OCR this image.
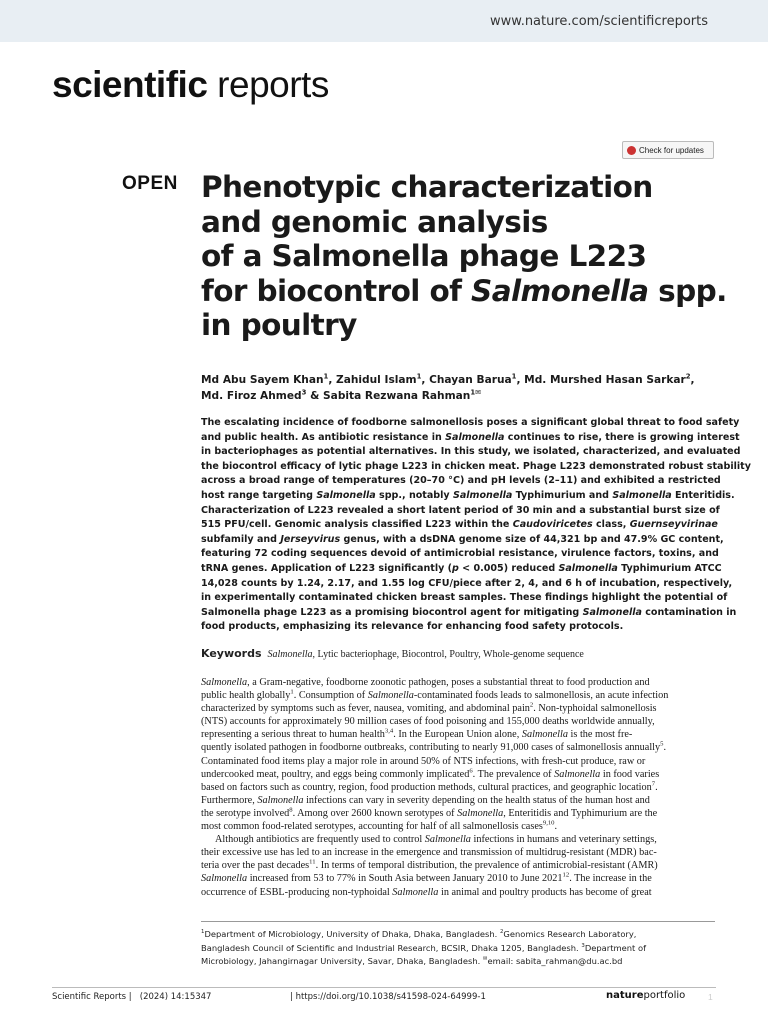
www.nature.com/scientificreports
scientific reports
Check for updates
OPEN Phenotypic characterization
and genomic analysis
of a Salmonella phage L223
for biocontrol of Salmonella spp.
in poultry
Md Abu Sayem Khan$^1$, Zahidul Islam$^1$, Chayan Barua$^1$, Md. Murshed Hasan Sarkar$^2$,
Md. Firoz Ahmed$^3$ & Sabita Rezwana Rahman$^{1✉}$
The escalating incidence of foodborne salmonellosis poses a significant global threat to food safety
and public health. As antibiotic resistance in Salmonella continues to rise, there is growing interest
in bacteriophages as potential alternatives. In this study, we isolated, characterized, and evaluated
the biocontrol efficacy of lytic phage L223 in chicken meat. Phage L223 demonstrated robust stability
across a broad range of temperatures (20–70 °C) and pH levels (2–11) and exhibited a restricted
host range targeting Salmonella spp., notably Salmonella Typhimurium and Salmonella Enteritidis.
Characterization of L223 revealed a short latent period of 30 min and a substantial burst size of
515 PFU/cell. Genomic analysis classified L223 within the Caudoviricetes class, Guernseyvirinae
subfamily and Jerseyvirus genus, with a dsDNA genome size of 44,321 bp and 47.9% GC content,
featuring 72 coding sequences devoid of antimicrobial resistance, virulence factors, toxins, and
tRNA genes. Application of L223 significantly (p < 0.005) reduced Salmonella Typhimurium ATCC
14,028 counts by 1.24, 2.17, and 1.55 log CFU/piece after 2, 4, and 6 h of incubation, respectively,
in experimentally contaminated chicken breast samples. These findings highlight the potential of
Salmonella phage L223 as a promising biocontrol agent for mitigating Salmonella contamination in
food products, emphasizing its relevance for enhancing food safety protocols.
Keywords Salmonella, Lytic bacteriophage, Biocontrol, Poultry, Whole-genome sequence
Salmonella, a Gram-negative, foodborne zoonotic pathogen, poses a substantial threat to food production and
public health globally$^1$. Consumption of Salmonella-contaminated foods leads to salmonellosis, an acute infection
characterized by symptoms such as fever, nausea, vomiting, and abdominal pain$^2$. Non-typhoidal salmonellosis
(NTS) accounts for approximately 90 million cases of food poisoning and 155,000 deaths worldwide annually,
representing a serious threat to human health$^{3,4}$. In the European Union alone, Salmonella is the most fre-
quently isolated pathogen in foodborne outbreaks, contributing to nearly 91,000 cases of salmonellosis annually$^5$.
Contaminated food items play a major role in around 50% of NTS infections, with fresh-cut produce, raw or
undercooked meat, poultry, and eggs being commonly implicated$^6$. The prevalence of Salmonella in food varies
based on factors such as country, region, food production methods, cultural practices, and geographic location$^7$.
Furthermore, Salmonella infections can vary in severity depending on the health status of the human host and
the serotype involved$^8$. Among over 2600 known serotypes of Salmonella, Enteritidis and Typhimurium are the
most common food-related serotypes, accounting for half of all salmonellosis cases$^{9,10}$.
Although antibiotics are frequently used to control Salmonella infections in humans and veterinary settings,
their excessive use has led to an increase in the emergence and transmission of multidrug-resistant (MDR) bac-
teria over the past decades$^{11}$. In terms of temporal distribution, the prevalence of antimicrobial-resistant (AMR)
Salmonella increased from 53 to 77% in South Asia between January 2010 to June 2021$^{12}$. The increase in the
occurrence of ESBL-producing non-typhoidal Salmonella in animal and poultry products has become of great
$^1$Department of Microbiology, University of Dhaka, Dhaka, Bangladesh. $^2$Genomics Research Laboratory,
Bangladesh Council of Scientific and Industrial Research, BCSIR, Dhaka 1205, Bangladesh. $^3$Department of
Microbiology, Jahangirnagar University, Savar, Dhaka, Bangladesh. ✉email: sabita_rahman@du.ac.bd
Scientific Reports | (2024) 14:15347	| https://doi.org/10.1038/s41598-024-64999-1	natureportfolio	1
